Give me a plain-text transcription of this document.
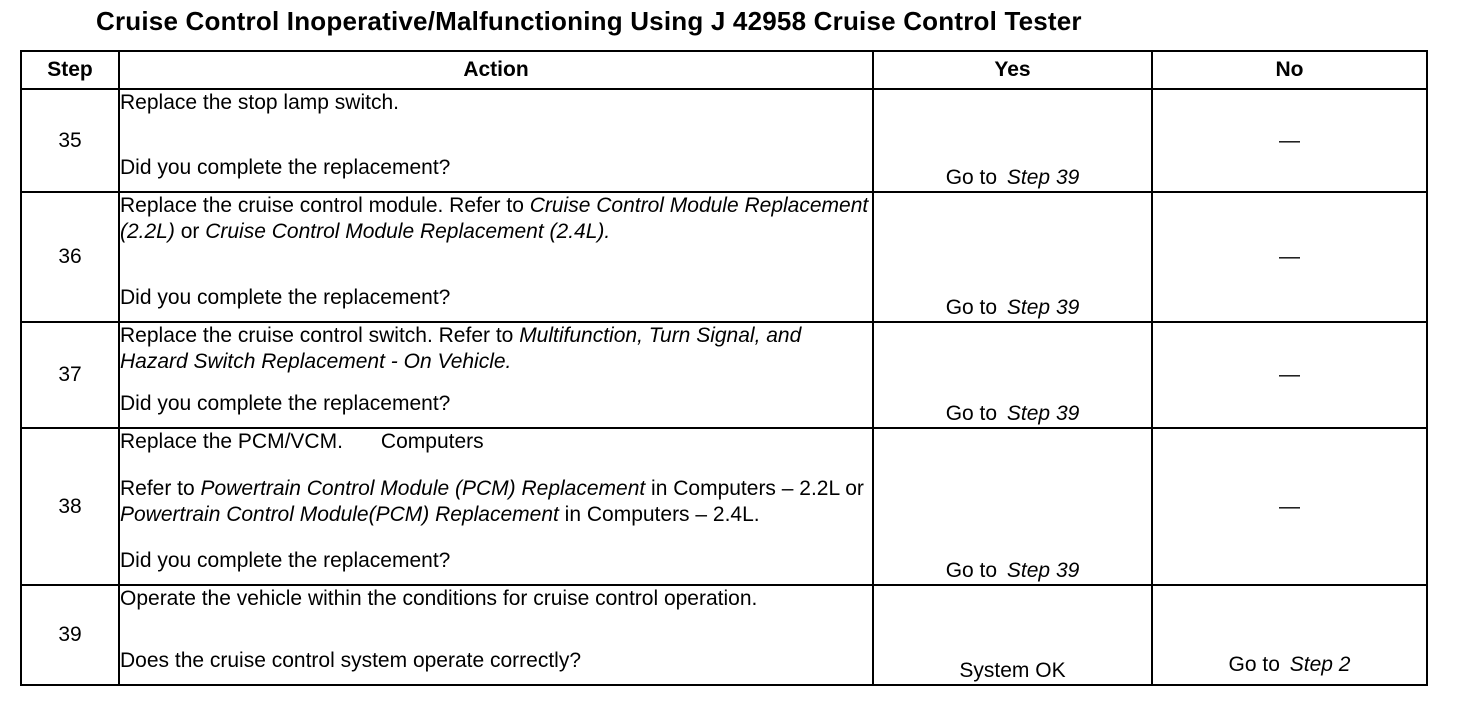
Cruise Control Inoperative/Malfunctioning Using J 42958 Cruise Control Tester
Step	Action	Yes	No
35	Replace the stop lamp switch.

Did you complete the replacement?	Go to Step 39	—
36	Replace the cruise control module. Refer to Cruise Control Module Replacement (2.2L) or Cruise Control Module Replacement (2.4L).

Did you complete the replacement?	Go to Step 39	—
37	Replace the cruise control switch. Refer to Multifunction, Turn Signal, and Hazard Switch Replacement - On Vehicle.

Did you complete the replacement?	Go to Step 39	—
38	Replace the PCM/VCM. Computers

Refer to Powertrain Control Module (PCM) Replacement in Computers – 2.2L or Powertrain Control Module(PCM) Replacement in Computers – 2.4L.

Did you complete the replacement?	Go to Step 39	—
39	Operate the vehicle within the conditions for cruise control operation.

Does the cruise control system operate correctly?	System OK	Go to Step 2
